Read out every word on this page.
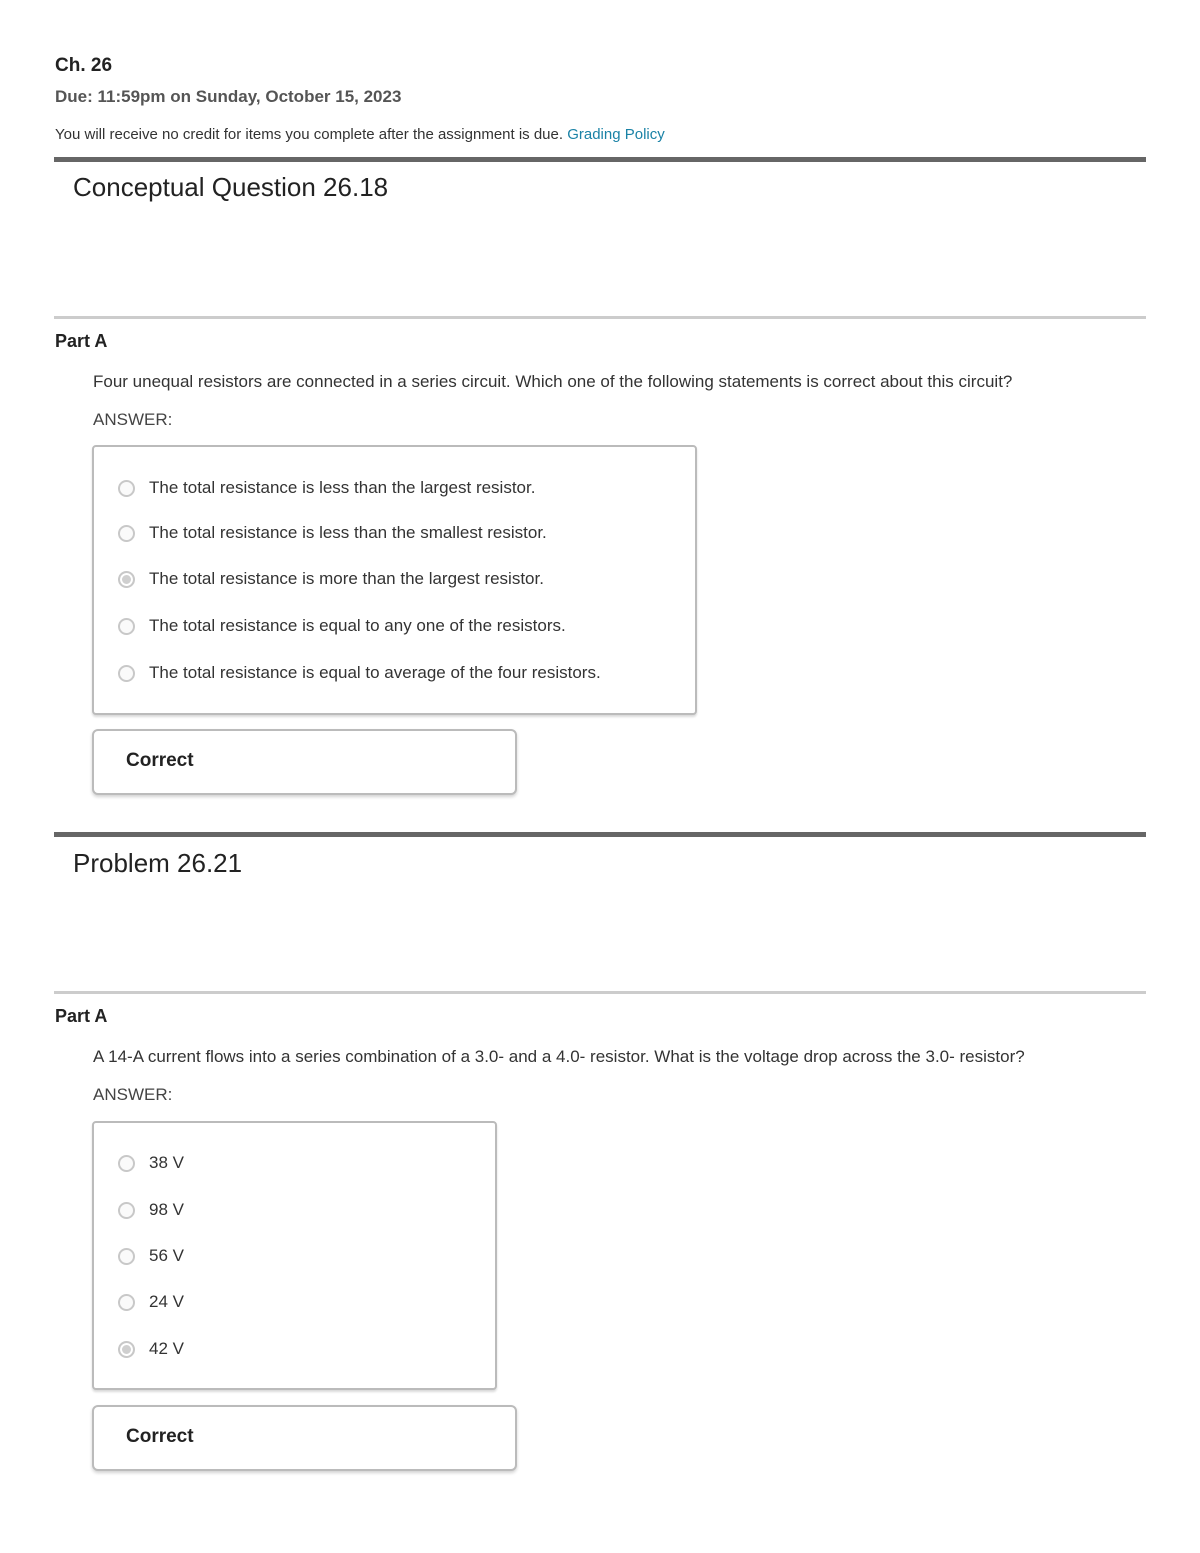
Ch. 26
Due: 11:59pm on Sunday, October 15, 2023
You will receive no credit for items you complete after the assignment is due. Grading Policy
Conceptual Question 26.18
Part A
Four unequal resistors are connected in a series circuit. Which one of the following statements is correct about this circuit?
ANSWER:
The total resistance is less than the largest resistor.
The total resistance is less than the smallest resistor.
The total resistance is more than the largest resistor.
The total resistance is equal to any one of the resistors.
The total resistance is equal to average of the four resistors.
Correct
Problem 26.21
Part A
A 14-A current flows into a series combination of a 3.0- and a 4.0- resistor. What is the voltage drop across the 3.0- resistor?
ANSWER:
38 V
98 V
56 V
24 V
42 V
Correct
